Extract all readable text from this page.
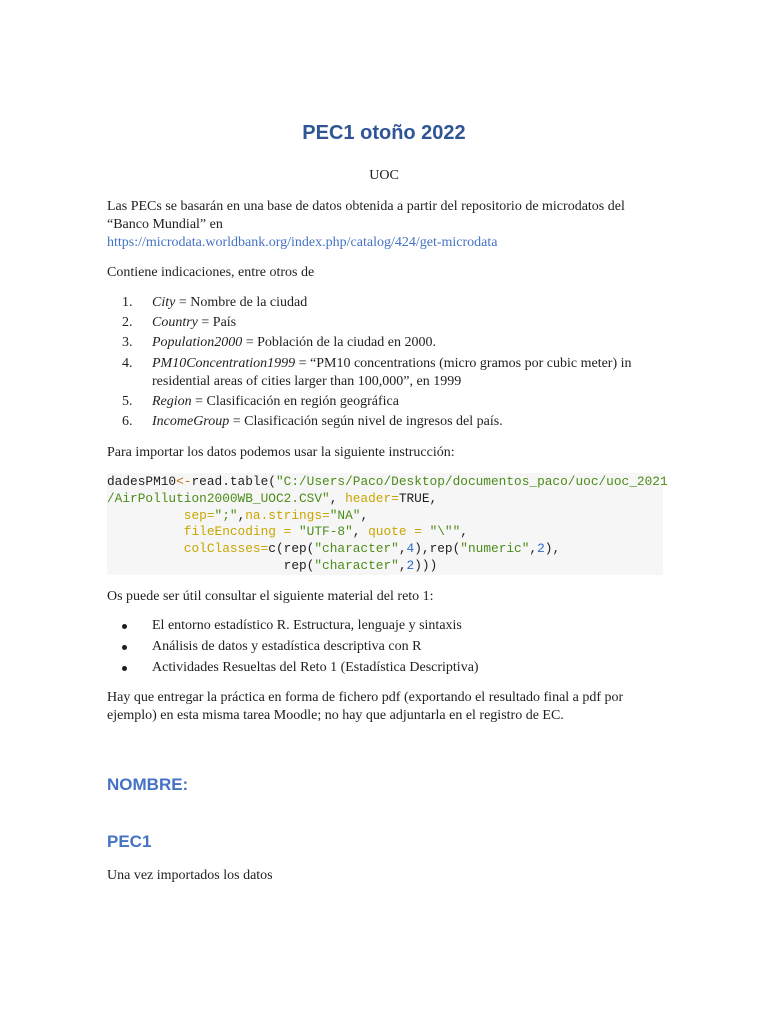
PEC1 otoño 2022

UOC

Las PECs se basarán en una base de datos obtenida a partir del repositorio de microdatos del “Banco Mundial” en
https://microdata.worldbank.org/index.php/catalog/424/get-microdata

Contiene indicaciones, entre otros de

1. City = Nombre de la ciudad
2. Country = País
3. Population2000 = Población de la ciudad en 2000.
4. PM10Concentration1999 = “PM10 concentrations (micro gramos por cubic meter) in residential areas of cities larger than 100,000”, en 1999
5. Region = Clasificación en región geográfica
6. IncomeGroup = Clasificación según nivel de ingresos del país.

Para importar los datos podemos usar la siguiente instrucción:

dadesPM10<-read.table("C:/Users/Paco/Desktop/documentos_paco/uoc/uoc_2021
/AirPollution2000WB_UOC2.CSV", header=TRUE,
sep=";",na.strings="NA",
fileEncoding = "UTF-8", quote = "\"",
colClasses=c(rep("character",4),rep("numeric",2),
rep("character",2)))

Os puede ser útil consultar el siguiente material del reto 1:

El entorno estadístico R. Estructura, lenguaje y sintaxis
Análisis de datos y estadística descriptiva con R
Actividades Resueltas del Reto 1 (Estadística Descriptiva)

Hay que entregar la práctica en forma de fichero pdf (exportando el resultado final a pdf por ejemplo) en esta misma tarea Moodle; no hay que adjuntarla en el registro de EC.

NOMBRE:
PEC1

Una vez importados los datos
